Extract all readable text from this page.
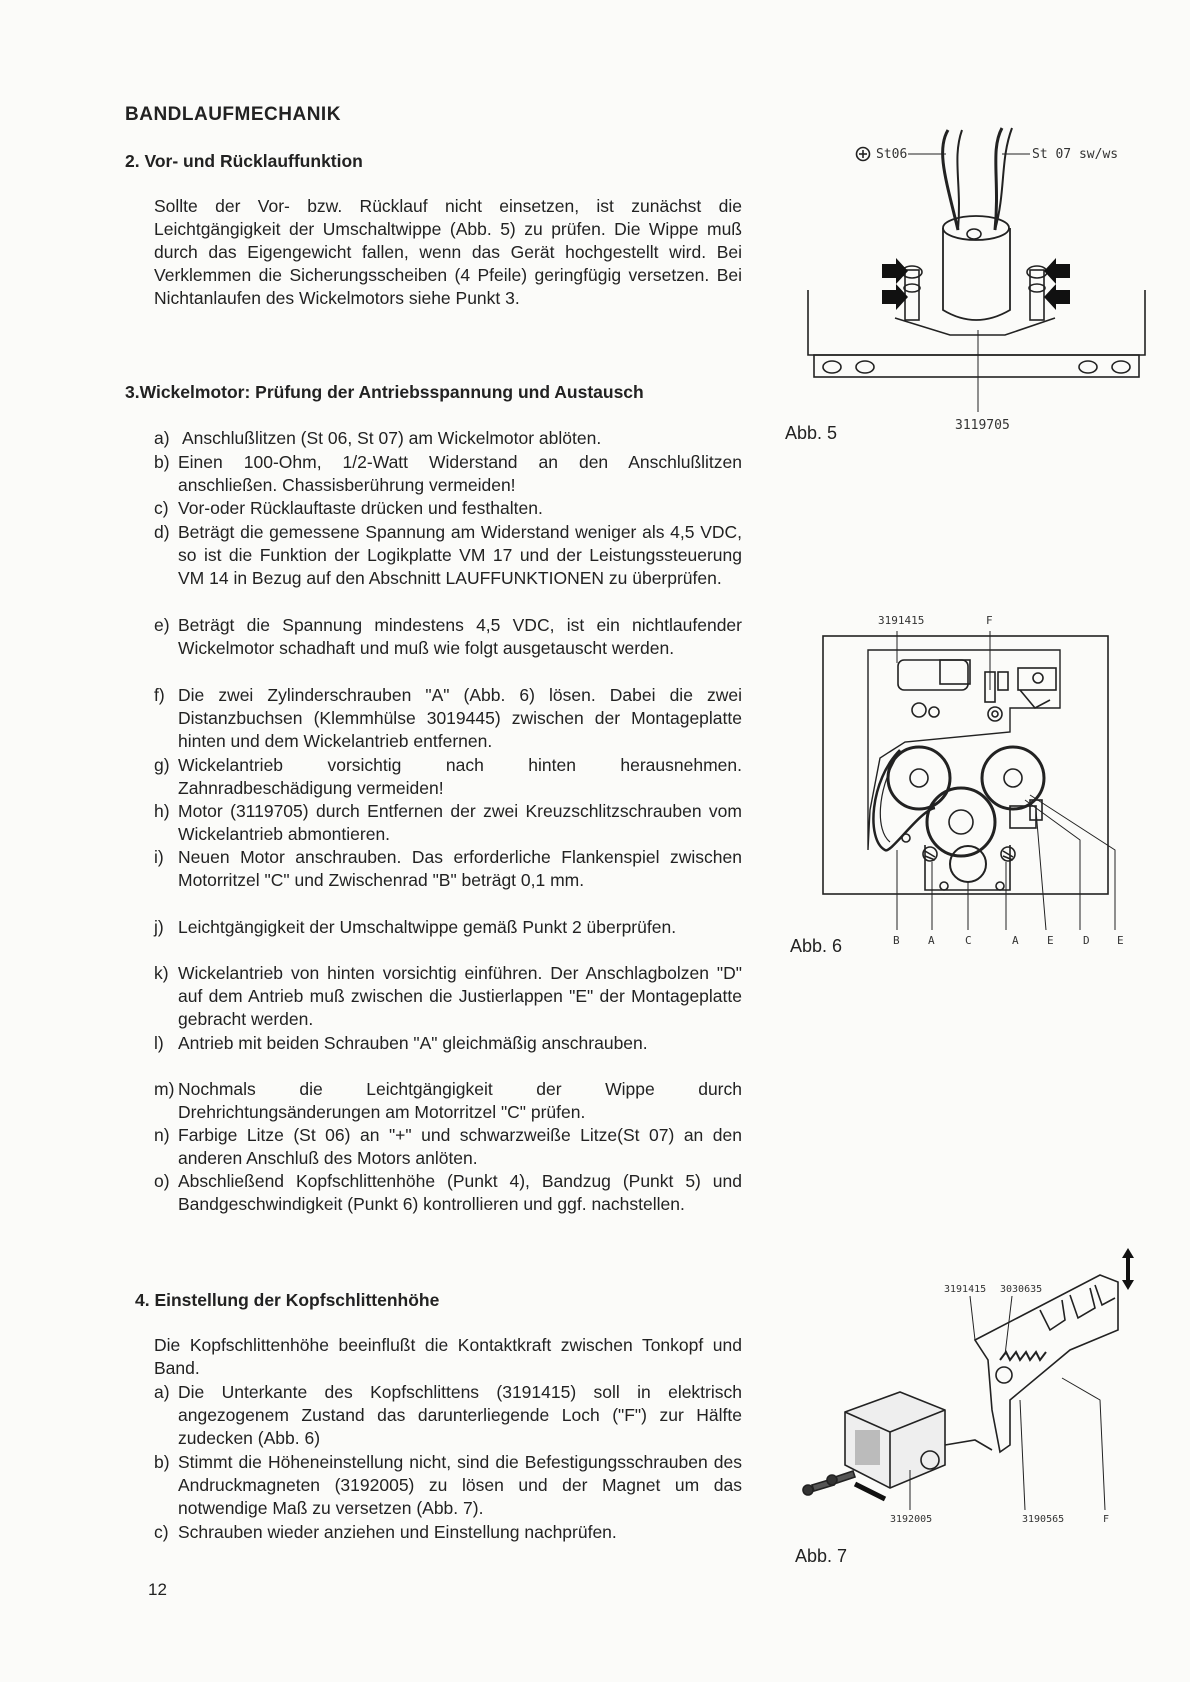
BANDLAUFMECHANIK
2. Vor- und Rücklauffunktion
Sollte der Vor- bzw. Rücklauf nicht einsetzen, ist zunächst die Leichtgängigkeit der Umschaltwippe (Abb. 5) zu prüfen. Die Wippe muß durch das Eigengewicht fallen, wenn das Gerät hochgestellt wird. Bei Verklemmen die Sicherungsscheiben (4 Pfeile) geringfügig versetzen. Bei Nichtanlaufen des Wickelmotors siehe Punkt 3.
3.Wickelmotor: Prüfung der Antriebsspannung und Austausch
a) Anschlußlitzen (St 06, St 07) am Wickelmotor ablöten.
b) Einen 100-Ohm, 1/2-Watt Widerstand an den Anschlußlitzen anschließen. Chassisberührung vermeiden!
c) Vor-oder Rücklauftaste drücken und festhalten.
d) Beträgt die gemessene Spannung am Widerstand weniger als 4,5 VDC, so ist die Funktion der Logikplatte VM 17 und der Leistungssteuerung VM 14 in Bezug auf den Abschnitt LAUFFUNKTIONEN zu überprüfen.
e) Beträgt die Spannung mindestens 4,5 VDC, ist ein nichtlaufender Wickelmotor schadhaft und muß wie folgt ausgetauscht werden.
f) Die zwei Zylinderschrauben "A" (Abb. 6) lösen. Dabei die zwei Distanzbuchsen (Klemmhülse 3019445) zwischen der Montageplatte hinten und dem Wickelantrieb entfernen.
g) Wickelantrieb vorsichtig nach hinten herausnehmen. Zahnradbeschädigung vermeiden!
h) Motor (3119705) durch Entfernen der zwei Kreuzschlitzschrauben vom Wickelantrieb abmontieren.
i) Neuen Motor anschrauben. Das erforderliche Flankenspiel zwischen Motorritzel "C" und Zwischenrad "B" beträgt 0,1 mm.
j) Leichtgängigkeit der Umschaltwippe gemäß Punkt 2 überprüfen.
k) Wickelantrieb von hinten vorsichtig einführen. Der Anschlagbolzen "D" auf dem Antrieb muß zwischen die Justierlappen "E" der Montageplatte gebracht werden.
l) Antrieb mit beiden Schrauben "A" gleichmäßig anschrauben.
m) Nochmals die Leichtgängigkeit der Wippe durch Drehrichtungsänderungen am Motorritzel "C" prüfen.
n) Farbige Litze (St 06) an "+" und schwarzweiße Litze(St 07) an den anderen Anschluß des Motors anlöten.
o) Abschließend Kopfschlittenhöhe (Punkt 4), Bandzug (Punkt 5) und Bandgeschwindigkeit (Punkt 6) kontrollieren und ggf. nachstellen.
4. Einstellung der Kopfschlittenhöhe
Die Kopfschlittenhöhe beeinflußt die Kontaktkraft zwischen Tonkopf und Band.
a) Die Unterkante des Kopfschlittens (3191415) soll in elektrisch angezogenem Zustand das darunterliegende Loch ("F") zur Hälfte zudecken (Abb. 6)
b) Stimmt die Höheneinstellung nicht, sind die Befestigungsschrauben des Andruckmagneten (3192005) zu lösen und der Magnet um das notwendige Maß zu versetzen (Abb. 7).
c) Schrauben wieder anziehen und Einstellung nachprüfen.
12
Abb. 5
St06	St 07 sw/ws
3119705
Abb. 6
3191415	F
B	A	C	A	E	D E
Abb. 7
3191415 3030635
3192005	3190565	F
